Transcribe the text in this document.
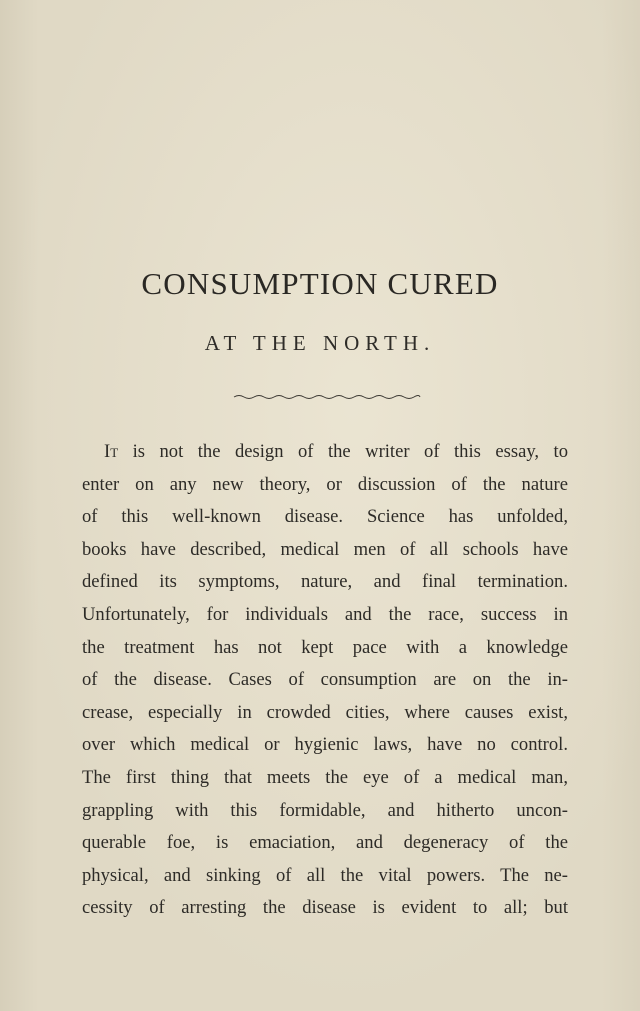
CONSUMPTION CURED
AT THE NORTH.
It is not the design of the writer of this essay, to
enter on any new theory, or discussion of the nature
of this well-known disease. Science has unfolded,
books have described, medical men of all schools have
defined its symptoms, nature, and final termination.
Unfortunately, for individuals and the race, success in
the treatment has not kept pace with a knowledge
of the disease. Cases of consumption are on the in-
crease, especially in crowded cities, where causes exist,
over which medical or hygienic laws, have no control.
The first thing that meets the eye of a medical man,
grappling with this formidable, and hitherto uncon-
querable foe, is emaciation, and degeneracy of the
physical, and sinking of all the vital powers. The ne-
cessity of arresting the disease is evident to all; but
